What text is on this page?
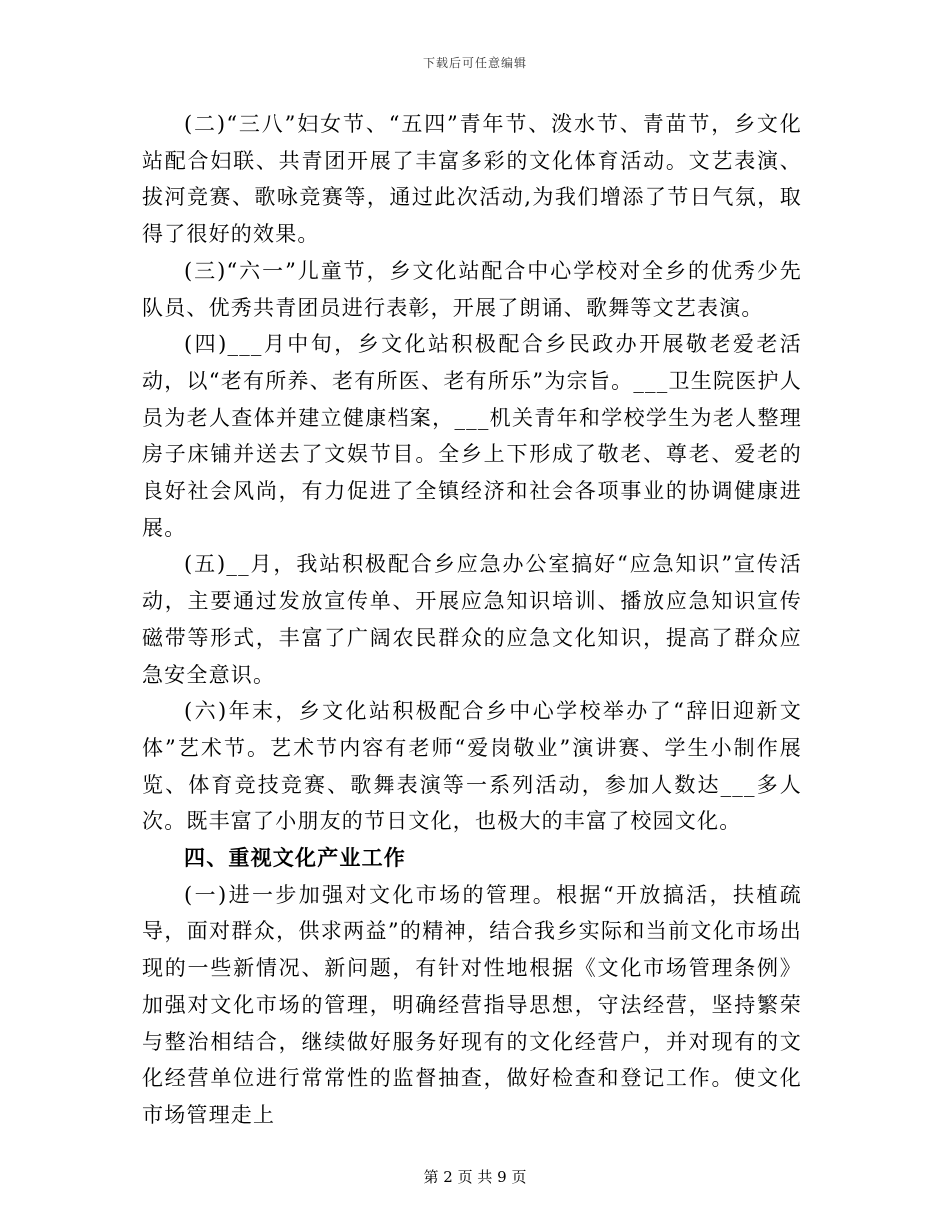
下载后可任意编辑

(二)“三八”妇女节、“五四”青年节、泼水节、青苗节，乡文化站配合妇联、共青团开展了丰富多彩的文化体育活动。文艺表演、拔河竞赛、歌咏竞赛等，通过此次活动,为我们增添了节日气氛，取得了很好的效果。

(三)“六一”儿童节，乡文化站配合中心学校对全乡的优秀少先队员、优秀共青团员进行表彰，开展了朗诵、歌舞等文艺表演。

(四)___月中旬，乡文化站积极配合乡民政办开展敬老爱老活动，以“老有所养、老有所医、老有所乐”为宗旨。___卫生院医护人员为老人查体并建立健康档案，___机关青年和学校学生为老人整理房子床铺并送去了文娱节目。全乡上下形成了敬老、尊老、爱老的良好社会风尚，有力促进了全镇经济和社会各项事业的协调健康进展。

(五)__月，我站积极配合乡应急办公室搞好“应急知识”宣传活动，主要通过发放宣传单、开展应急知识培训、播放应急知识宣传磁带等形式，丰富了广阔农民群众的应急文化知识，提高了群众应急安全意识。

(六)年末，乡文化站积极配合乡中心学校举办了“辞旧迎新文体”艺术节。艺术节内容有老师“爱岗敬业”演讲赛、学生小制作展览、体育竞技竞赛、歌舞表演等一系列活动，参加人数达___多人次。既丰富了小朋友的节日文化，也极大的丰富了校园文化。

四、重视文化产业工作

(一)进一步加强对文化市场的管理。根据“开放搞活，扶植疏导，面对群众，供求两益”的精神，结合我乡实际和当前文化市场出现的一些新情况、新问题，有针对性地根据《文化市场管理条例》加强对文化市场的管理，明确经营指导思想，守法经营，坚持繁荣与整治相结合，继续做好服务好现有的文化经营户，并对现有的文化经营单位进行常常性的监督抽查，做好检查和登记工作。使文化市场管理走上

第 2 页 共 9 页
